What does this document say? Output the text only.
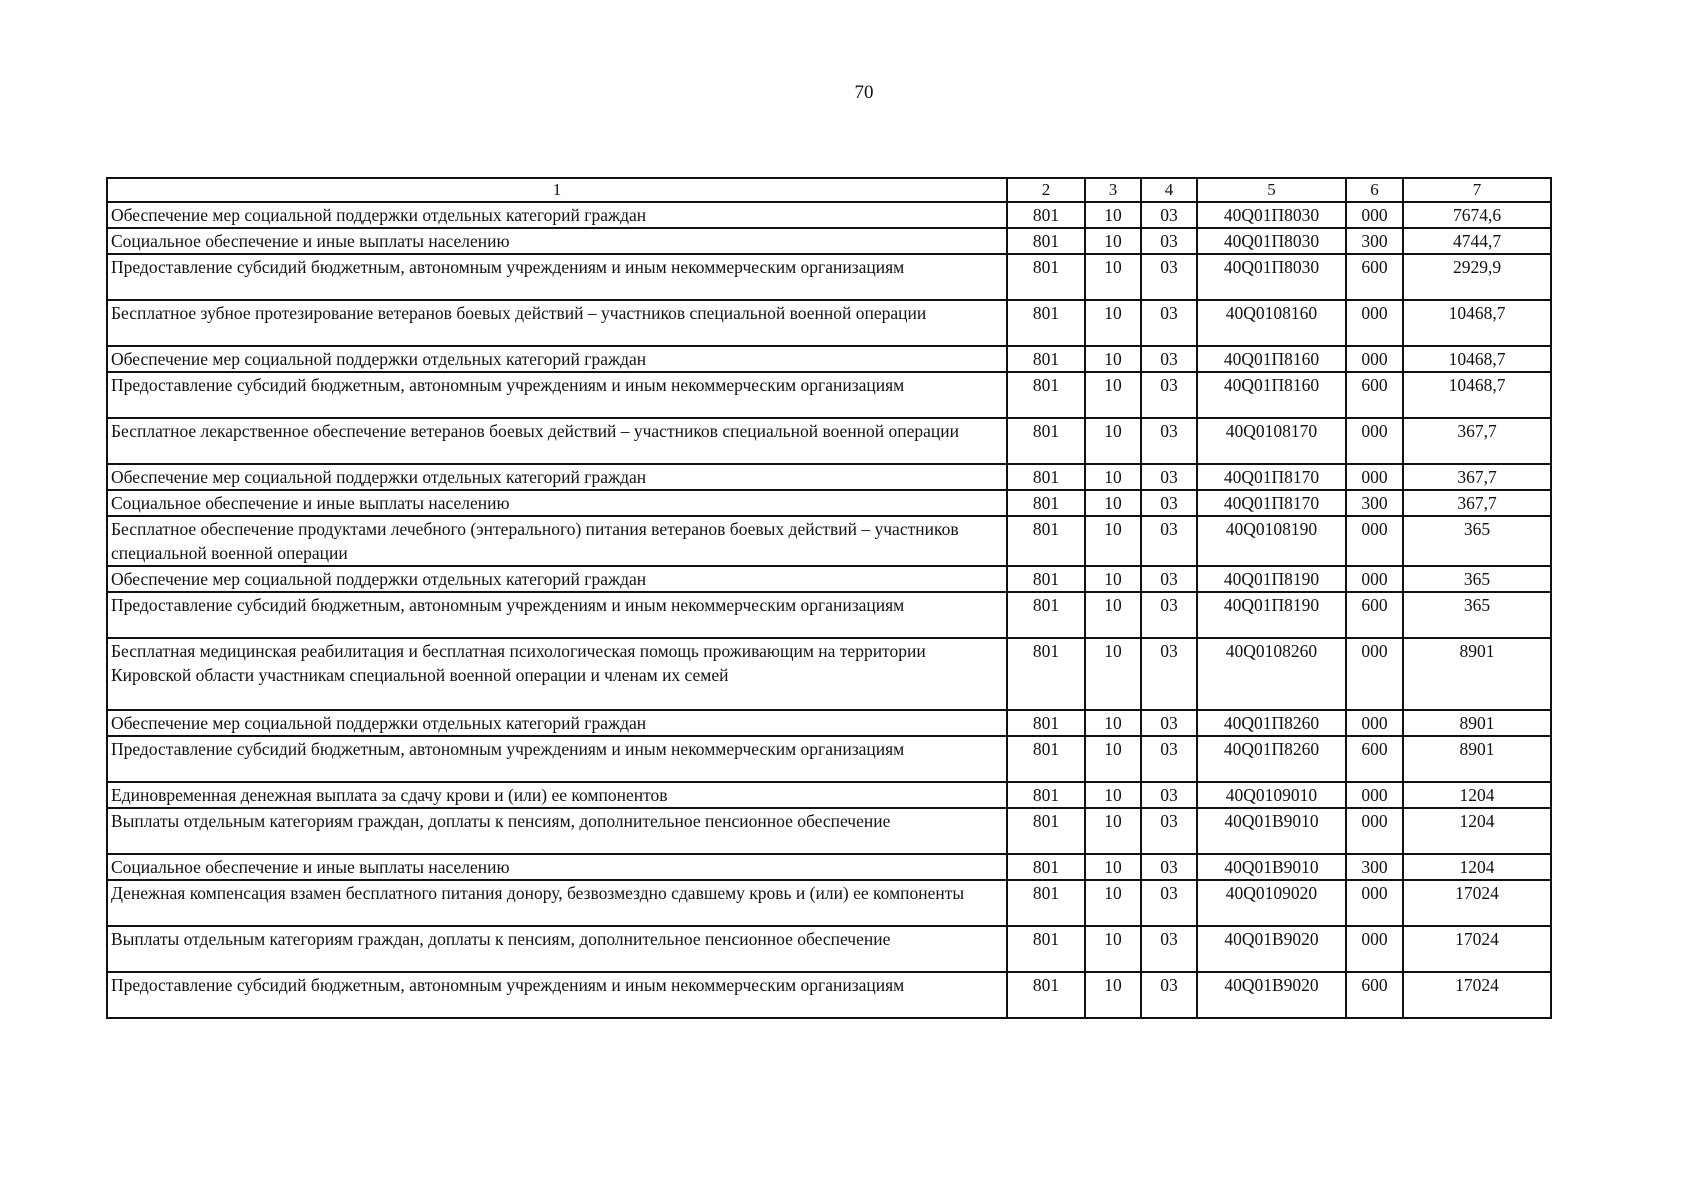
70
1	2	3	4	5	6	7
Обеспечение мер социальной поддержки отдельных категорий граждан	801	10	03	40Q01П8030	000	7674,6
Социальное обеспечение и иные выплаты населению	801	10	03	40Q01П8030	300	4744,7
Предоставление субсидий бюджетным, автономным учреждениям и иным некоммерческим организациям	801	10	03	40Q01П8030	600	2929,9
Бесплатное зубное протезирование ветеранов боевых действий – участников специальной военной операции	801	10	03	40Q0108160	000	10468,7
Обеспечение мер социальной поддержки отдельных категорий граждан	801	10	03	40Q01П8160	000	10468,7
Предоставление субсидий бюджетным, автономным учреждениям и иным некоммерческим организациям	801	10	03	40Q01П8160	600	10468,7
Бесплатное лекарственное обеспечение ветеранов боевых действий – участников специальной военной операции	801	10	03	40Q0108170	000	367,7
Обеспечение мер социальной поддержки отдельных категорий граждан	801	10	03	40Q01П8170	000	367,7
Социальное обеспечение и иные выплаты населению	801	10	03	40Q01П8170	300	367,7
Бесплатное обеспечение продуктами лечебного (энтерального) питания ветеранов боевых действий – участников специальной военной операции	801	10	03	40Q0108190	000	365
Обеспечение мер социальной поддержки отдельных категорий граждан	801	10	03	40Q01П8190	000	365
Предоставление субсидий бюджетным, автономным учреждениям и иным некоммерческим организациям	801	10	03	40Q01П8190	600	365
Бесплатная медицинская реабилитация и бесплатная психологическая помощь проживающим на территории Кировской области участникам специальной военной операции и членам их семей	801	10	03	40Q0108260	000	8901
Обеспечение мер социальной поддержки отдельных категорий граждан	801	10	03	40Q01П8260	000	8901
Предоставление субсидий бюджетным, автономным учреждениям и иным некоммерческим организациям	801	10	03	40Q01П8260	600	8901
Единовременная денежная выплата за сдачу крови и (или) ее компонентов	801	10	03	40Q0109010	000	1204
Выплаты отдельным категориям граждан, доплаты к пенсиям, дополнительное пенсионное обеспечение	801	10	03	40Q01В9010	000	1204
Социальное обеспечение и иные выплаты населению	801	10	03	40Q01В9010	300	1204
Денежная компенсация взамен бесплатного питания донору, безвозмездно сдавшему кровь и (или) ее компоненты	801	10	03	40Q0109020	000	17024
Выплаты отдельным категориям граждан, доплаты к пенсиям, дополнительное пенсионное обеспечение	801	10	03	40Q01В9020	000	17024
Предоставление субсидий бюджетным, автономным учреждениям и иным некоммерческим организациям	801	10	03	40Q01В9020	600	17024
